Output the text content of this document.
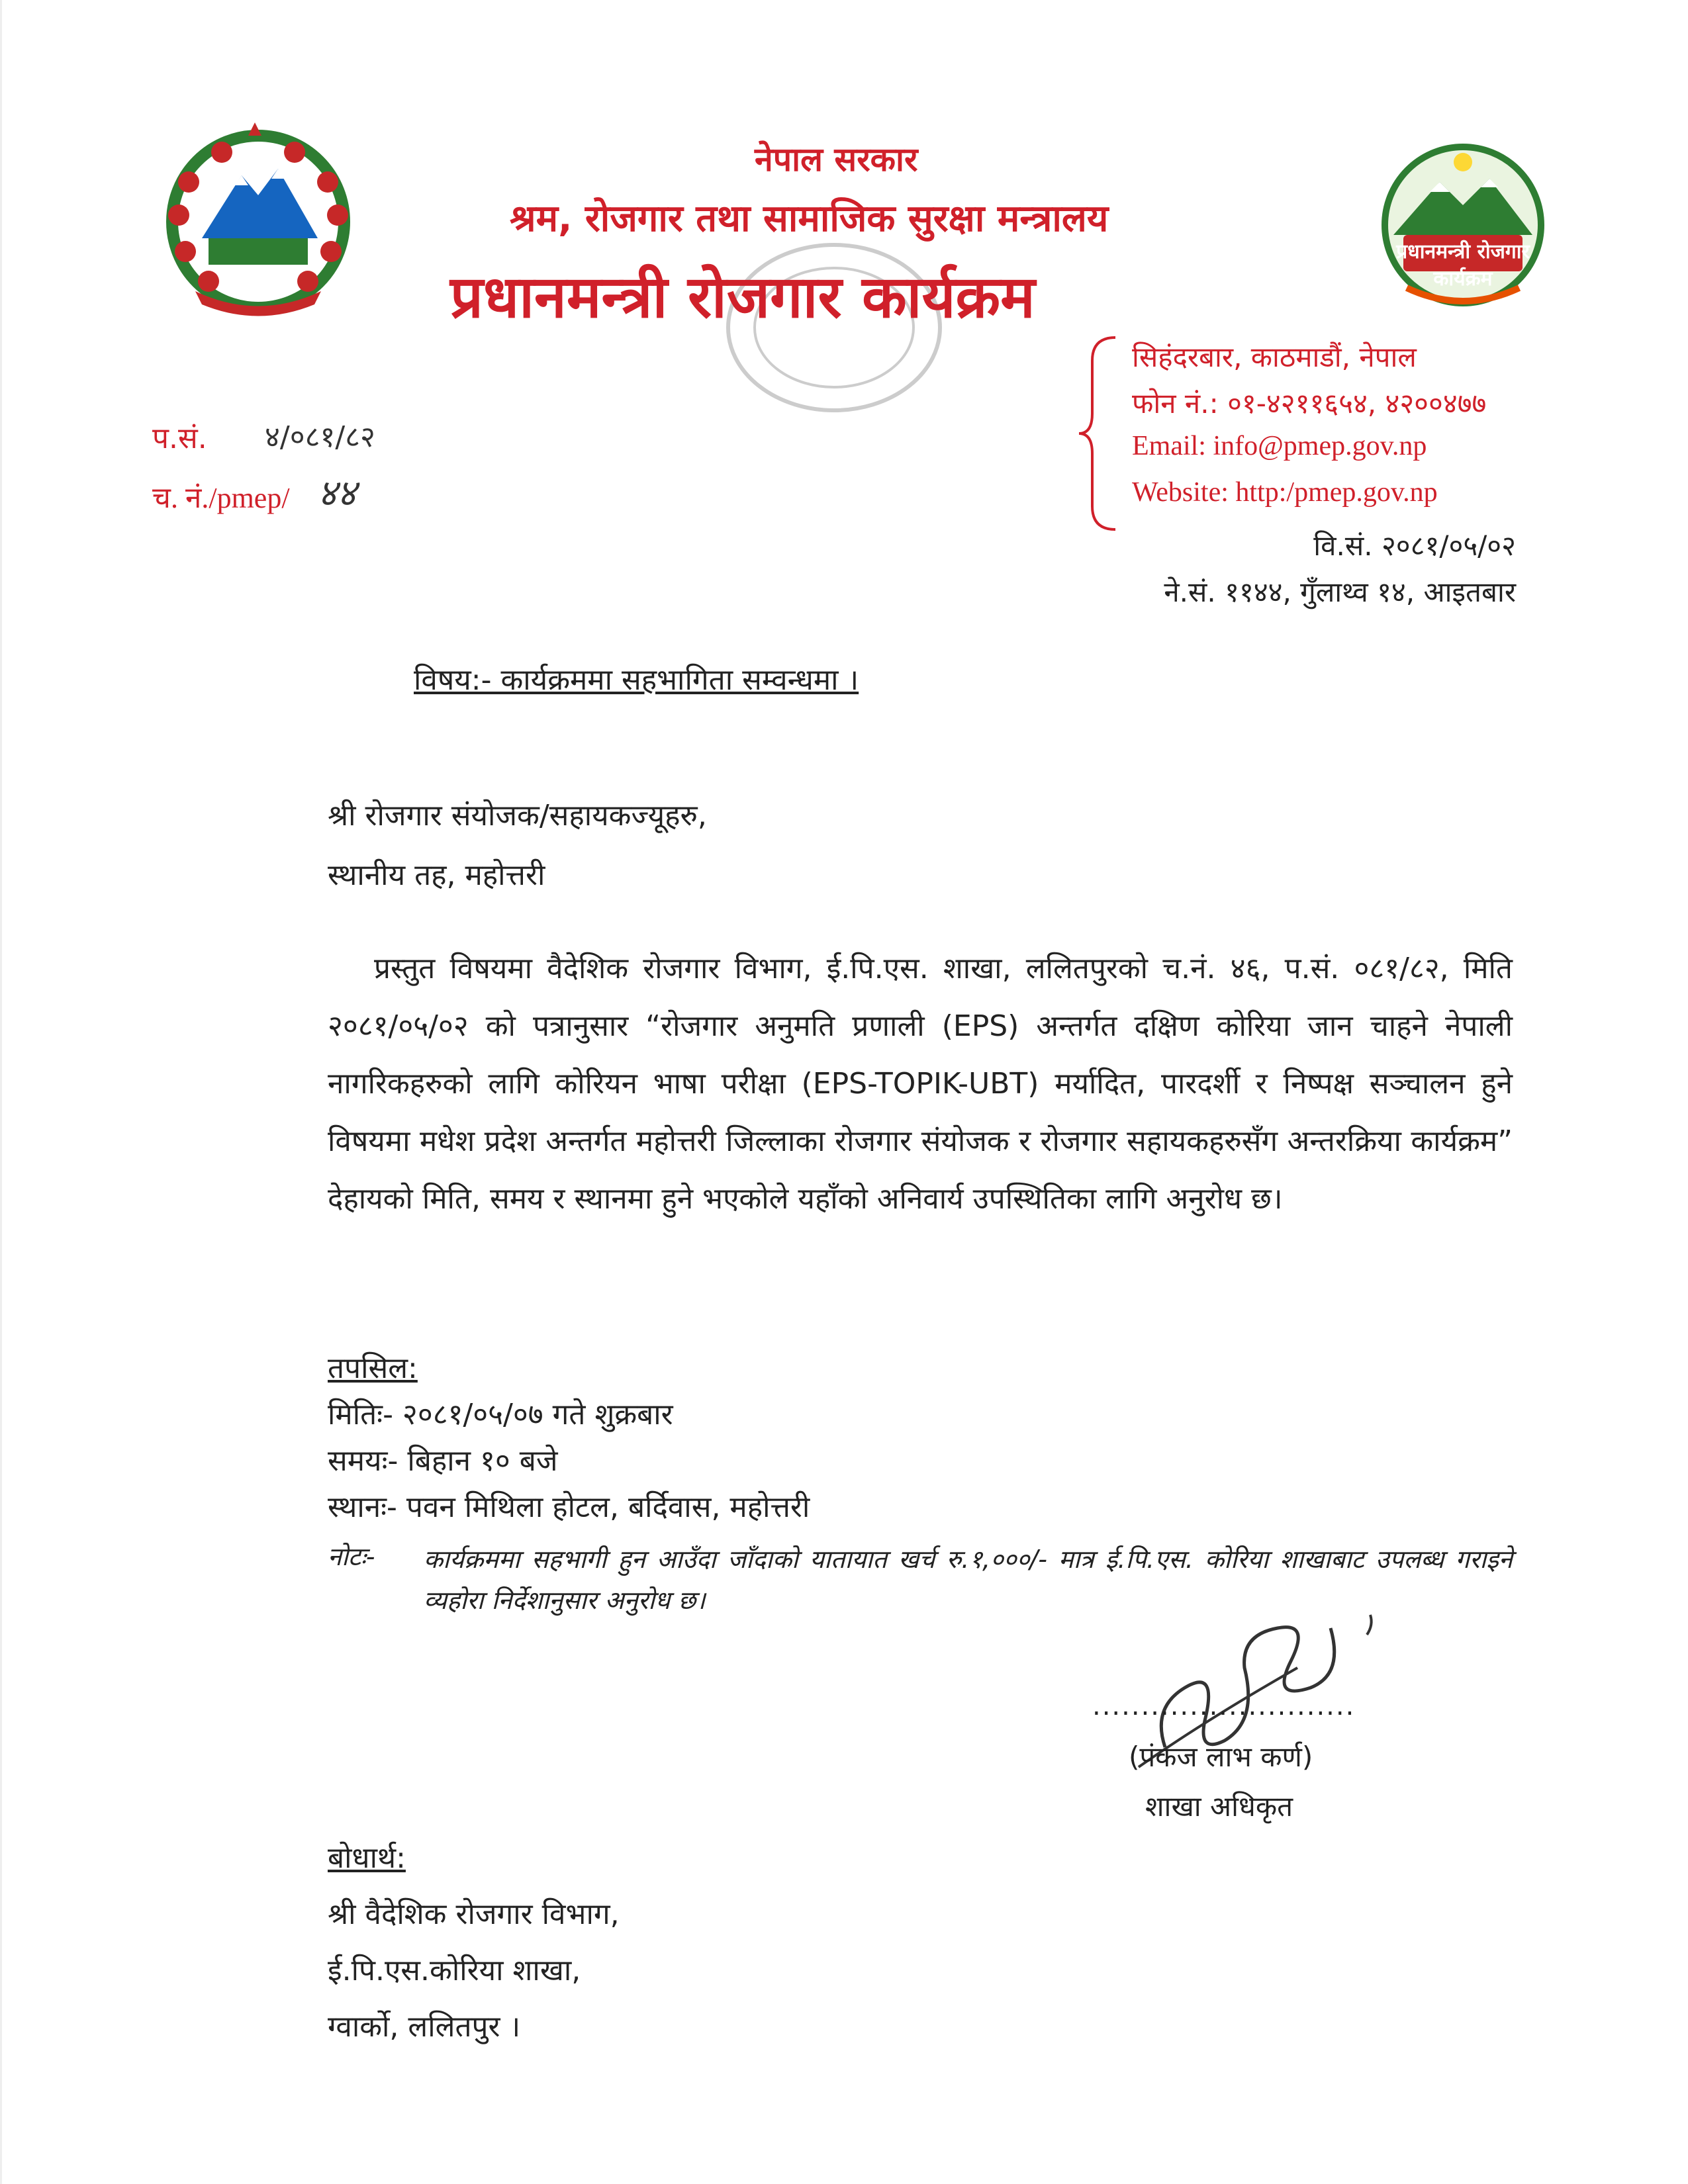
प्रधानमन्त्री रोजगार कार्यक्रम
नेपाल सरकार
श्रम, रोजगार तथा सामाजिक सुरक्षा मन्त्रालय
प्रधानमन्त्री रोजगार कार्यक्रम
सिहंदरबार, काठमाडौं, नेपाल
फोन नं.: ०१-४२११६५४, ४२००४७७
Email: info@pmep.gov.np
Website: http:/pmep.gov.np
प.सं. ४/०८१/८२
च. नं./pmep/ ४४
वि.सं. २०८१/०५/०२
ने.सं. ११४४, गुँलाथ्व १४, आइतबार
विषय:- कार्यक्रममा सहभागिता सम्वन्धमा ।
श्री रोजगार संयोजक/सहायकज्यूहरु,
स्थानीय तह, महोत्तरी
प्रस्तुत विषयमा वैदेशिक रोजगार विभाग, ई.पि.एस. शाखा, ललितपुरको च.नं. ४६, प.सं. ०८१/८२, मिति २०८१/०५/०२ को पत्रानुसार “रोजगार अनुमति प्रणाली (EPS) अन्तर्गत दक्षिण कोरिया जान चाहने नेपाली नागरिकहरुको लागि कोरियन भाषा परीक्षा (EPS-TOPIK-UBT) मर्यादित, पारदर्शी र निष्पक्ष सञ्चालन हुने विषयमा मधेश प्रदेश अन्तर्गत महोत्तरी जिल्लाका रोजगार संयोजक र रोजगार सहायकहरुसँग अन्तरक्रिया कार्यक्रम” देहायको मिति, समय र स्थानमा हुने भएकोले यहाँको अनिवार्य उपस्थितिका लागि अनुरोध छ।
तपसिल:
मितिः- २०८१/०५/०७ गते शुक्रबार
समयः- बिहान १० बजे
स्थानः- पवन मिथिला होटल, बर्दिवास, महोत्तरी
नोटः- कार्यक्रममा सहभागी हुन आउँदा जाँदाको यातायात खर्च रु.१,०००/- मात्र ई.पि.एस. कोरिया शाखाबाट उपलब्ध गराइने व्यहोरा निर्देशानुसार अनुरोध छ।
...........................
(पंकज लाभ कर्ण)
शाखा अधिकृत
बोधार्थ:
श्री वैदेशिक रोजगार विभाग,
ई.पि.एस.कोरिया शाखा,
ग्वार्को, ललितपुर ।
